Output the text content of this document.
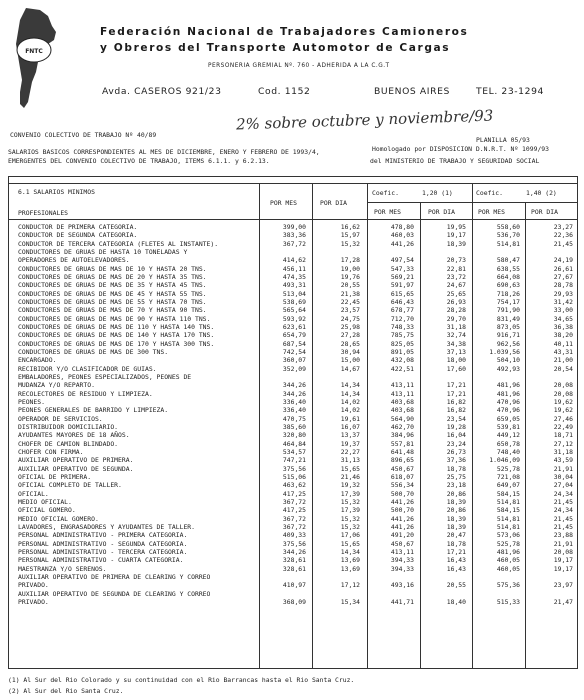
FNTC
Federación Nacional de Trabajadores Camioneros
y Obreros del Transporte Automotor de Cargas
PERSONERIA GREMIAL Nº. 760 - ADHERIDA A LA C.G.T
Avda. CASEROS 921/23	Cod. 1152	BUENOS AIRES	TEL. 23-1294
2% sobre octubre y noviembre/93
CONVENIO COLECTIVO DE TRABAJO Nº 40/89
PLANILLA 05/93
SALARIOS BASICOS CORRESPONDIENTES AL MES DE DICIEMBRE, ENERO Y FEBRERO DE 1993/4,
EMERGENTES DEL CONVENIO COLECTIVO DE TRABAJO, ITEMS 6.1.1. y 6.2.13.
Homologado por DISPOSICION D.N.R.T. Nº 1099/93
del MINISTERIO DE TRABAJO Y SEGURIDAD SOCIAL
6.1 SALARIOS MINIMOS
PROFESIONALES
POR MES	POR DIA
Coefic.	1,20 (1)	Coefic.	1,40 (2)
POR MES	POR DIA	POR MES	POR DIA
CONDUCTOR DE PRIMERA CATEGORIA.	399,00	16,62	478,80	19,95	558,60	23,27
CONDUCTOR DE SEGUNDA CATEGORIA.	383,36	15,97	460,03	19,17	536,70	22,36
CONDUCTOR DE TERCERA CATEGORIA (FLETES AL INSTANTE).	367,72	15,32	441,26	18,39	514,81	21,45
CONDUCTORES DE GRUAS DE HASTA 10 TONELADAS Y
OPERADORES DE AUTOELEVADORES.	414,62	17,28	497,54	20,73	580,47	24,19
CONDUCTORES DE GRUAS DE MAS DE 10 Y HASTA 20 TNS.	456,11	19,00	547,33	22,81	638,55	26,61
CONDUCTORES DE GRUAS DE MAS DE 20 Y HASTA 35 TNS.	474,35	19,76	569,21	23,72	664,08	27,67
CONDUCTORES DE GRUAS DE MAS DE 35 Y HASTA 45 TNS.	493,31	20,55	591,97	24,67	690,63	28,78
CONDUCTORES DE GRUAS DE MAS DE 45 Y HASTA 55 TNS.	513,04	21,38	615,65	25,65	718,26	29,93
CONDUCTORES DE GRUAS DE MAS DE 55 Y HASTA 70 TNS.	538,69	22,45	646,43	26,93	754,17	31,42
CONDUCTORES DE GRUAS DE MAS DE 70 Y HASTA 90 TNS.	565,64	23,57	678,77	28,28	791,90	33,00
CONDUCTORES DE GRUAS DE MAS DE 90 Y HASTA 110 TNS.	593,92	24,75	712,70	29,70	831,49	34,65
CONDUCTORES DE GRUAS DE MAS DE 110 Y HASTA 140 TNS.	623,61	25,98	748,33	31,18	873,05	36,38
CONDUCTORES DE GRUAS DE MAS DE 140 Y HASTA 170 TNS.	654,79	27,28	785,75	32,74	916,71	38,20
CONDUCTORES DE GRUAS DE MAS DE 170 Y HASTA 300 TNS.	687,54	28,65	825,05	34,38	962,56	40,11
CONDUCTORES DE GRUAS DE MAS DE 300 TNS.	742,54	30,94	891,05	37,13	1.039,56	43,31
ENCARGADO.	360,07	15,00	432,08	18,00	504,10	21,00
RECIBIDOR Y/O CLASIFICADOR DE GUIAS.	352,09	14,67	422,51	17,60	492,93	20,54
EMBALADORES, PEONES ESPECIALIZADOS, PEONES DE
MUDANZA Y/O REPARTO.	344,26	14,34	413,11	17,21	481,96	20,08
RECOLECTORES DE RESIDUO Y LIMPIEZA.	344,26	14,34	413,11	17,21	481,96	20,08
PEONES.	336,40	14,02	403,68	16,82	470,96	19,62
PEONES GENERALES DE BARRIDO Y LIMPIEZA.	336,40	14,02	403,68	16,82	470,96	19,62
OPERADOR DE SERVICIOS.	470,75	19,61	564,90	23,54	659,05	27,46
DISTRIBUIDOR DOMICILIARIO.	385,60	16,07	462,70	19,28	539,81	22,49
AYUDANTES MAYORES DE 18 AÑOS.	320,80	13,37	384,96	16,04	449,12	18,71
CHOFER DE CAMION BLINDADO.	464,84	19,37	557,81	23,24	650,78	27,12
CHOFER CON FIRMA.	534,57	22,27	641,48	26,73	748,40	31,18
AUXILIAR OPERATIVO DE PRIMERA.	747,21	31,13	896,65	37,36	1.046,09	43,59
AUXILIAR OPERATIVO DE SEGUNDA.	375,56	15,65	450,67	18,78	525,78	21,91
OFICIAL DE PRIMERA.	515,06	21,46	618,07	25,75	721,08	30,04
OFICIAL COMPLETO DE TALLER.	463,62	19,32	556,34	23,18	649,07	27,04
OFICIAL.	417,25	17,39	500,70	20,86	584,15	24,34
MEDIO OFICIAL.	367,72	15,32	441,26	18,39	514,81	21,45
OFICIAL GOMERO.	417,25	17,39	500,70	20,86	584,15	24,34
MEDIO OFICIAL GOMERO.	367,72	15,32	441,26	18,39	514,81	21,45
LAVADORES, ENGRASADORES Y AYUDANTES DE TALLER.	367,72	15,32	441,26	18,39	514,81	21,45
PERSONAL ADMINISTRATIVO - PRIMERA CATEGORIA.	409,33	17,06	491,20	20,47	573,06	23,88
PERSONAL ADMINISTRATIVO - SEGUNDA CATEGORIA.	375,56	15,65	450,67	18,78	525,78	21,91
PERSONAL ADMINISTRATIVO - TERCERA CATEGORIA.	344,26	14,34	413,11	17,21	481,96	20,08
PERSONAL ADMINISTRATIVO - CUARTA CATEGORIA.	328,61	13,69	394,33	16,43	460,05	19,17
MAESTRANZA Y/O SERENOS.	328,61	13,69	394,33	16,43	460,05	19,17
AUXILIAR OPERATIVO DE PRIMERA DE CLEARING Y CORREO
PRIVADO.	410,97	17,12	493,16	20,55	575,36	23,97
AUXILIAR OPERATIVO DE SEGUNDA DE CLEARING Y CORREO
PRIVADO.	368,09	15,34	441,71	18,40	515,33	21,47
(1) Al Sur del Rio Colorado y su continuidad con el Rio Barrancas hasta el Rio Santa Cruz.
(2) Al Sur del Rio Santa Cruz.
